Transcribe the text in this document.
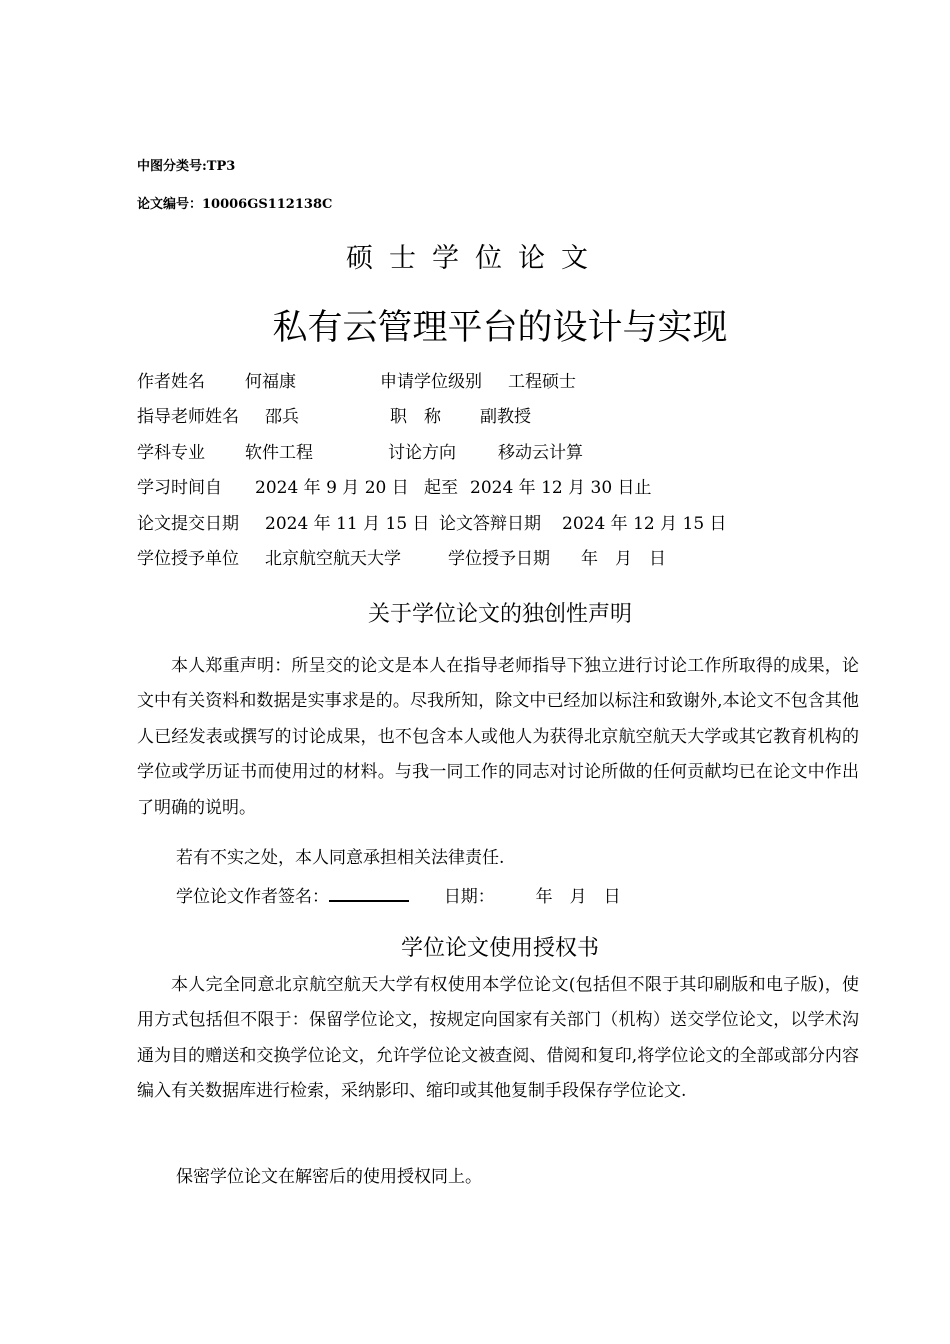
中图分类号:TP3
论文编号：10006GS112138C
硕士学位论文
私有云管理平台的设计与实现
作者姓名 何福康	申请学位级别 工程硕士
指导老师姓名 邵兵	职　称 副教授
学科专业 软件工程	讨论方向 移动云计算
学习时间自 2024 年 9 月 20 日 起至 2024 年 12 月 30 日止
论文提交日期 2024 年 11 月 15 日 论文答辩日期 2024 年 12 月 15 日
学位授予单位 北京航空航天大学	学位授予日期 年　月　日
关于学位论文的独创性声明
本人郑重声明：所呈交的论文是本人在指导老师指导下独立进行讨论工作所取得的成果，论文中有关资料和数据是实事求是的。尽我所知，除文中已经加以标注和致谢外,本论文不包含其他人已经发表或撰写的讨论成果，也不包含本人或他人为获得北京航空航天大学或其它教育机构的学位或学历证书而使用过的材料。与我一同工作的同志对讨论所做的任何贡献均已在论文中作出了明确的说明。
若有不实之处，本人同意承担相关法律责任.
学位论文作者签名：	日期： 年　月　日
学位论文使用授权书
本人完全同意北京航空航天大学有权使用本学位论文(包括但不限于其印刷版和电子版)，使用方式包括但不限于：保留学位论文，按规定向国家有关部门（机构）送交学位论文，以学术沟通为目的赠送和交换学位论文，允许学位论文被查阅、借阅和复印,将学位论文的全部或部分内容编入有关数据库进行检索，采纳影印、缩印或其他复制手段保存学位论文.
保密学位论文在解密后的使用授权同上。
